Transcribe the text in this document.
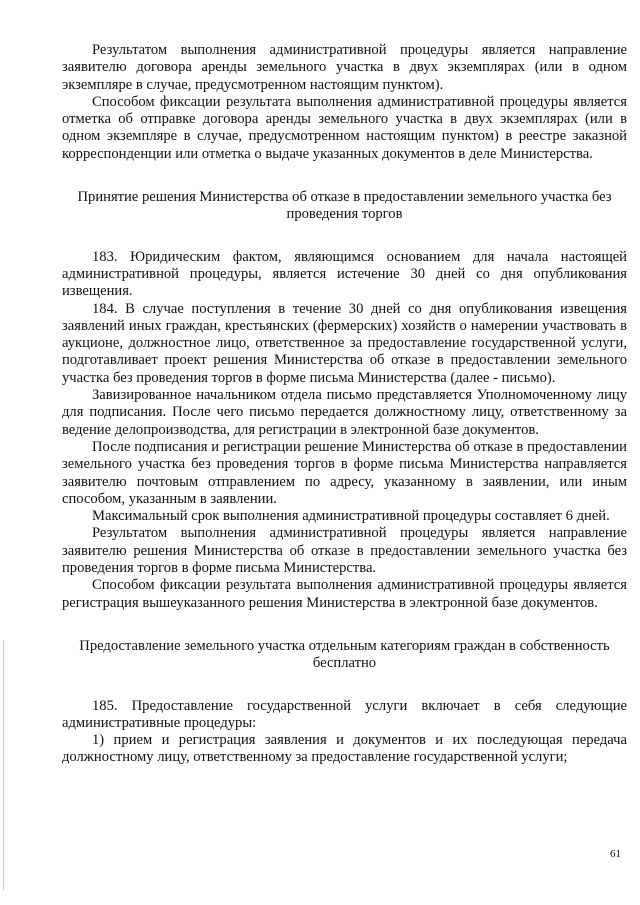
Результатом выполнения административной процедуры является направление заявителю договора аренды земельного участка в двух экземплярах (или в одном экземпляре в случае, предусмотренном настоящим пунктом).

Способом фиксации результата выполнения административной процедуры является отметка об отправке договора аренды земельного участка в двух экземплярах (или в одном экземпляре в случае, предусмотренном настоящим пунктом) в реестре заказной корреспонденции или отметка о выдаче указанных документов в деле Министерства.

Принятие решения Министерства об отказе в предоставлении земельного участка без проведения торгов

183. Юридическим фактом, являющимся основанием для начала настоящей административной процедуры, является истечение 30 дней со дня опубликования извещения.

184. В случае поступления в течение 30 дней со дня опубликования извещения заявлений иных граждан, крестьянских (фермерских) хозяйств о намерении участвовать в аукционе, должностное лицо, ответственное за предоставление государственной услуги, подготавливает проект решения Министерства об отказе в предоставлении земельного участка без проведения торгов в форме письма Министерства (далее - письмо).

Завизированное начальником отдела письмо представляется Уполномоченному лицу для подписания. После чего письмо передается должностному лицу, ответственному за ведение делопроизводства, для регистрации в электронной базе документов.

После подписания и регистрации решение Министерства об отказе в предоставлении земельного участка без проведения торгов в форме письма Министерства направляется заявителю почтовым отправлением по адресу, указанному в заявлении, или иным способом, указанным в заявлении.

Максимальный срок выполнения административной процедуры составляет 6 дней.

Результатом выполнения административной процедуры является направление заявителю решения Министерства об отказе в предоставлении земельного участка без проведения торгов в форме письма Министерства.

Способом фиксации результата выполнения административной процедуры является регистрация вышеуказанного решения Министерства в электронной базе документов.

Предоставление земельного участка отдельным категориям граждан в собственность бесплатно

185. Предоставление государственной услуги включает в себя следующие административные процедуры:

1) прием и регистрация заявления и документов и их последующая передача должностному лицу, ответственному за предоставление государственной услуги;

61
